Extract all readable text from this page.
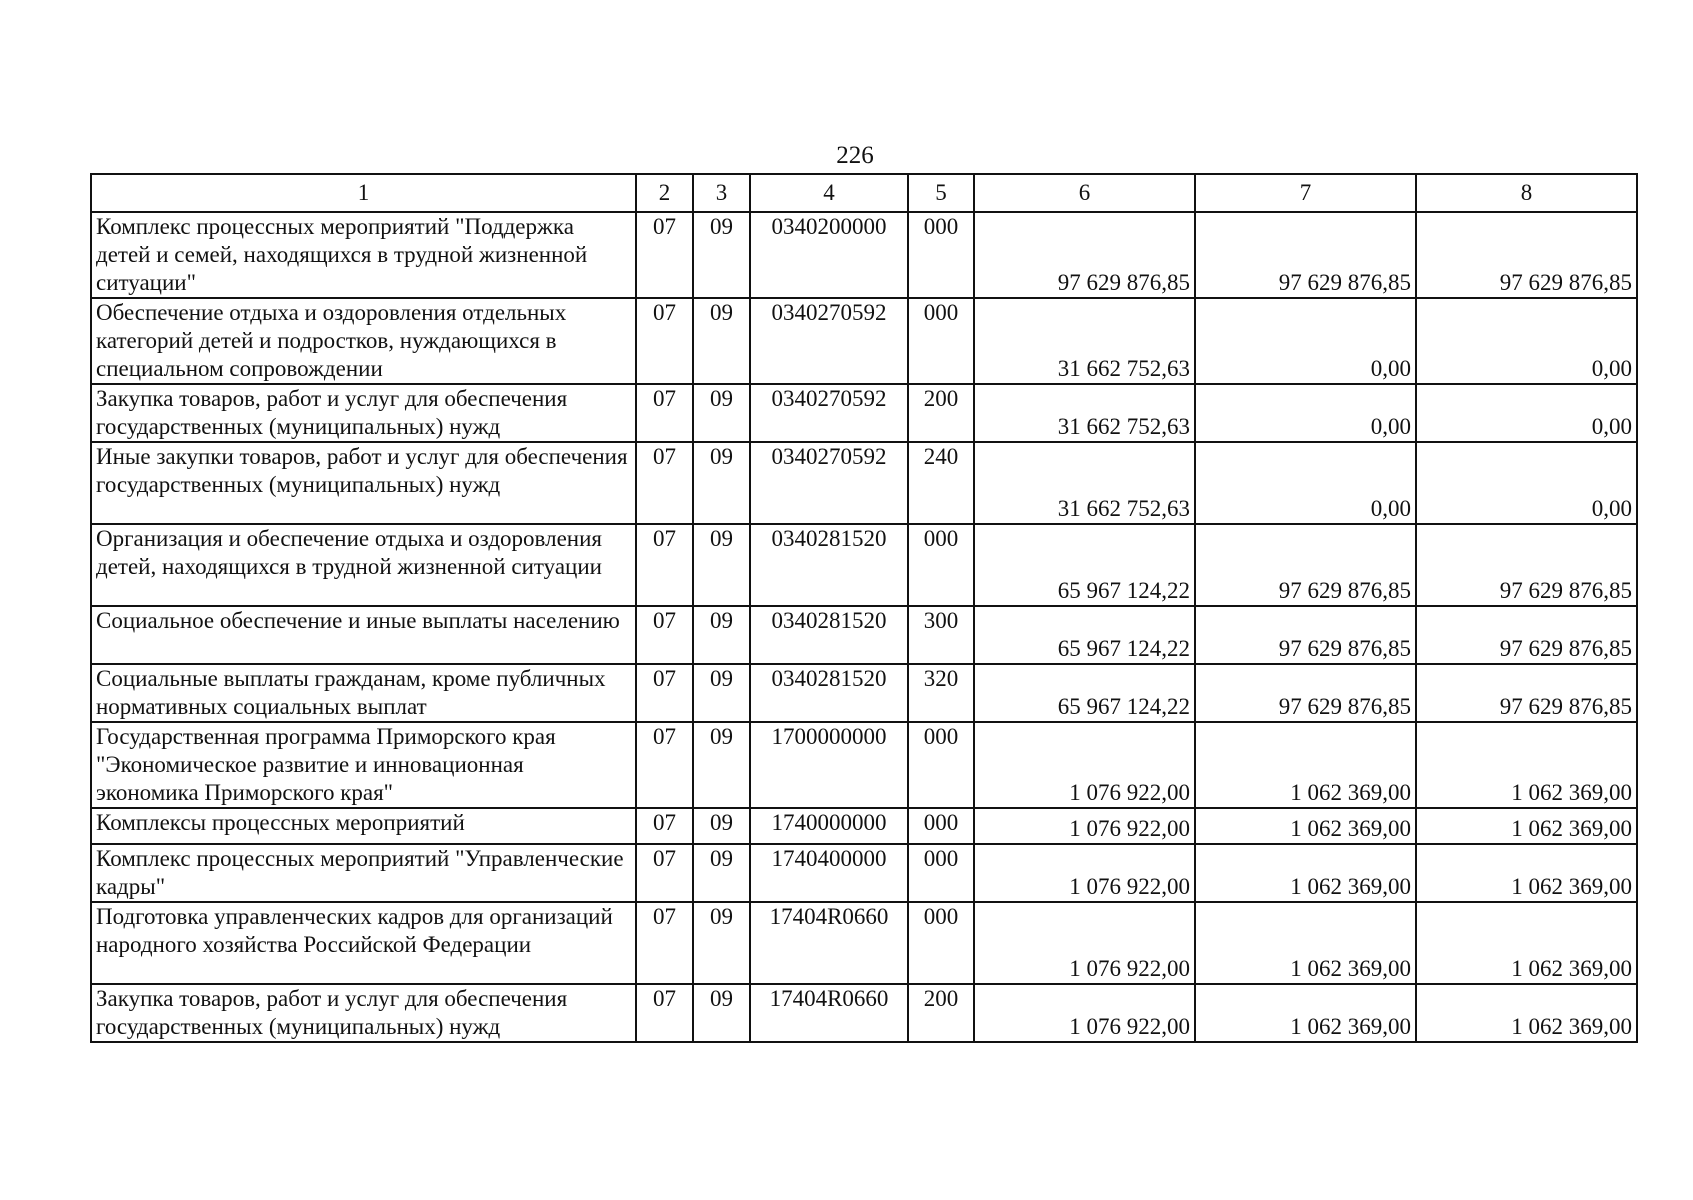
226
1	2	3	4	5	6	7	8
Комплекс процессных мероприятий "Поддержка детей и семей, находящихся в трудной жизненной ситуации"	07	09	0340200000	000	97 629 876,85	97 629 876,85	97 629 876,85
Обеспечение отдыха и оздоровления отдельных категорий детей и подростков, нуждающихся в специальном сопровождении	07	09	0340270592	000	31 662 752,63	0,00	0,00
Закупка товаров, работ и услуг для обеспечения государственных (муниципальных) нужд	07	09	0340270592	200	31 662 752,63	0,00	0,00
Иные закупки товаров, работ и услуг для обеспечения государственных (муниципальных) нужд	07	09	0340270592	240	31 662 752,63	0,00	0,00
Организация и обеспечение отдыха и оздоровления детей, находящихся в трудной жизненной ситуации	07	09	0340281520	000	65 967 124,22	97 629 876,85	97 629 876,85
Социальное обеспечение и иные выплаты населению	07	09	0340281520	300	65 967 124,22	97 629 876,85	97 629 876,85
Социальные выплаты гражданам, кроме публичных нормативных социальных выплат	07	09	0340281520	320	65 967 124,22	97 629 876,85	97 629 876,85
Государственная программа Приморского края "Экономическое развитие и инновационная экономика Приморского края"	07	09	1700000000	000	1 076 922,00	1 062 369,00	1 062 369,00
Комплексы процессных мероприятий	07	09	1740000000	000	1 076 922,00	1 062 369,00	1 062 369,00
Комплекс процессных мероприятий "Управленческие кадры"	07	09	1740400000	000	1 076 922,00	1 062 369,00	1 062 369,00
Подготовка управленческих кадров для организаций народного хозяйства Российской Федерации	07	09	17404R0660	000	1 076 922,00	1 062 369,00	1 062 369,00
Закупка товаров, работ и услуг для обеспечения государственных (муниципальных) нужд	07	09	17404R0660	200	1 076 922,00	1 062 369,00	1 062 369,00
